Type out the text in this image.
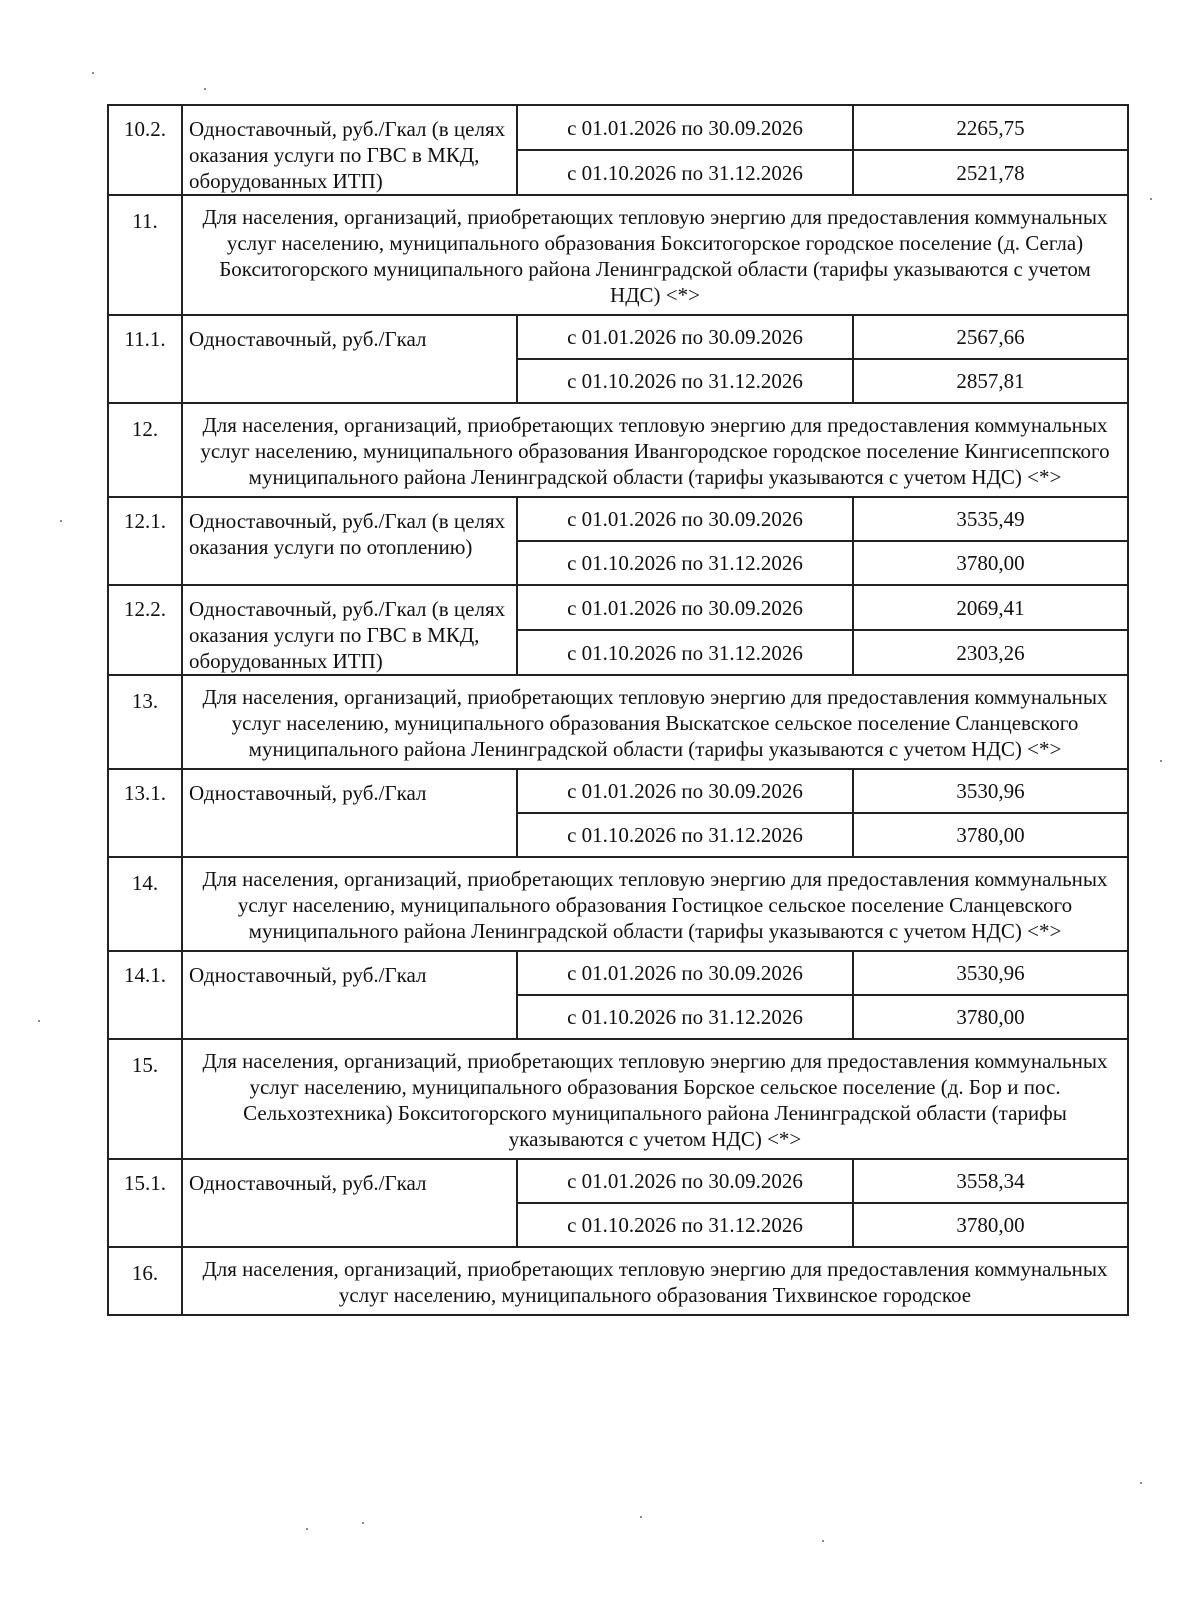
10.2.	Одноставочный, руб./Гкал (в целях оказания услуги по ГВС в МКД, оборудованных ИТП)	с 01.01.2026 по 30.09.2026	2265,75
		с 01.10.2026 по 31.12.2026	2521,78
11.	Для населения, организаций, приобретающих тепловую энергию для предоставления коммунальных услуг населению, муниципального образования Бокситогорское городское поселение (д. Сегла) Бокситогорского муниципального района Ленинградской области (тарифы указываются с учетом НДС) <*>		
11.1.	Одноставочный, руб./Гкал	с 01.01.2026 по 30.09.2026	2567,66
		с 01.10.2026 по 31.12.2026	2857,81
12.	Для населения, организаций, приобретающих тепловую энергию для предоставления коммунальных услуг населению, муниципального образования Ивангородское городское поселение Кингисеппского муниципального района Ленинградской области (тарифы указываются с учетом НДС) <*>		
12.1.	Одноставочный, руб./Гкал (в целях оказания услуги по отоплению)	с 01.01.2026 по 30.09.2026	3535,49
		с 01.10.2026 по 31.12.2026	3780,00
12.2.	Одноставочный, руб./Гкал (в целях оказания услуги по ГВС в МКД, оборудованных ИТП)	с 01.01.2026 по 30.09.2026	2069,41
		с 01.10.2026 по 31.12.2026	2303,26
13.	Для населения, организаций, приобретающих тепловую энергию для предоставления коммунальных услуг населению, муниципального образования Выскатское сельское поселение Сланцевского муниципального района Ленинградской области (тарифы указываются с учетом НДС) <*>		
13.1.	Одноставочный, руб./Гкал	с 01.01.2026 по 30.09.2026	3530,96
		с 01.10.2026 по 31.12.2026	3780,00
14.	Для населения, организаций, приобретающих тепловую энергию для предоставления коммунальных услуг населению, муниципального образования Гостицкое сельское поселение Сланцевского муниципального района Ленинградской области (тарифы указываются с учетом НДС) <*>		
14.1.	Одноставочный, руб./Гкал	с 01.01.2026 по 30.09.2026	3530,96
		с 01.10.2026 по 31.12.2026	3780,00
15.	Для населения, организаций, приобретающих тепловую энергию для предоставления коммунальных услуг населению, муниципального образования Борское сельское поселение (д. Бор и пос. Сельхозтехника) Бокситогорского муниципального района Ленинградской области (тарифы указываются с учетом НДС) <*>		
15.1.	Одноставочный, руб./Гкал	с 01.01.2026 по 30.09.2026	3558,34
		с 01.10.2026 по 31.12.2026	3780,00
16.	Для населения, организаций, приобретающих тепловую энергию для предоставления коммунальных услуг населению, муниципального образования Тихвинское городское		
